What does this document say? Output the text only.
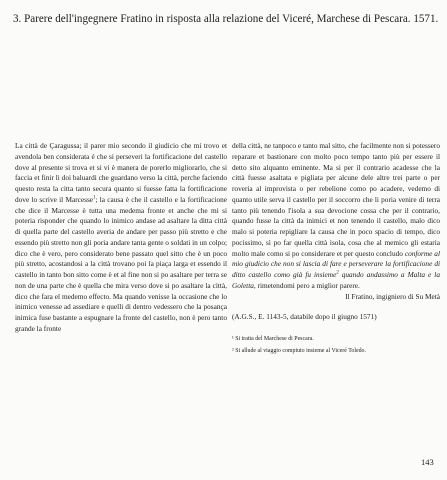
3. Parere dell'ingegnere Fratino in risposta alla relazione del Viceré, Marchese di Pescara. 1571.

La città de Çaragussa; il parer mio secondo il giudicio che mi trovo et avendola ben considerata é che si perseveri la fortificacione del castello dove al presente si trova et si vi è manera de porerlo migliorarlo, che si faccia et finir li doi baluardi che guardano verso la città, perche faciendo questo resta la citta tanto secura quanto si fuesse fatta la fortificacione dove lo scrive il Marcesse$^1$; la causa è che il castello e la fortificacione che dice il Marcesse è tutta una medema fronte et anche che mi si poteria risponder che quando lo inimico andase ad asaltare la ditta città di quella parte del castello averia de andare per passo più stretto e che essendo più stretto non gli poria andare tanta gente o soldati in un colpo; dico che è vero, pero considerato bene passato quel sitto che è un poco più stretto, acostandosi a la città trovano poi la piaça larga et essendo il castello in tanto bon sitto come è et al fine non si po asaltare per terra se non de una parte che è quella che mira verso dove si po asaltare la città, dico che fara el medemo effecto. Ma quando venisse la occasione che lo inimico venesse ad assediare e quelli di dentro vedessero che la posança inimica fuse bastante a espugnare la fronte del castello, non è pero tanto grande la fronte

della città, ne tanpoco e tanto mal sitto, che facilmente non si potessero reparare et bastionare con molto poco tempo tanto più per essere il detto sito alquanto eminente. Ma si per il contrario acadesse che la città fuesse asaltata e pigliata per alcune dele altre trei parte o per roveria al improvista o per rebelione como po acadere, vedemo di quanto utile serva il castello per il soccorro che li poria venire di terra tanto più tenendo l'isola a sua devocione cossa che per il contrario, quando fusse la città da inimici et non tenendo il castello, malo dico malo si poteria repigliare la causa che in poco spacio di tempo, dico pocissimo, sì po far quella città isola, cosa che al memico gli estaria molto male como si po considerare et per questo concludo conforme al mio giudicio che non si lascia di fare e perseverare la fortificacione di ditto castello como già fu insieme$^2$ quando andassimo a Malta e la Goletta, rimetendomi pero a miglior parere.

Il Fratino, ingigniero di Su Metà

(A.G.S., E. 1143-5, databile dopo il giugno 1571)

¹ Si tratta del Marchese di Pescara.
² Si allude al viaggio compiuto insieme al Viceré Toledo.
143
